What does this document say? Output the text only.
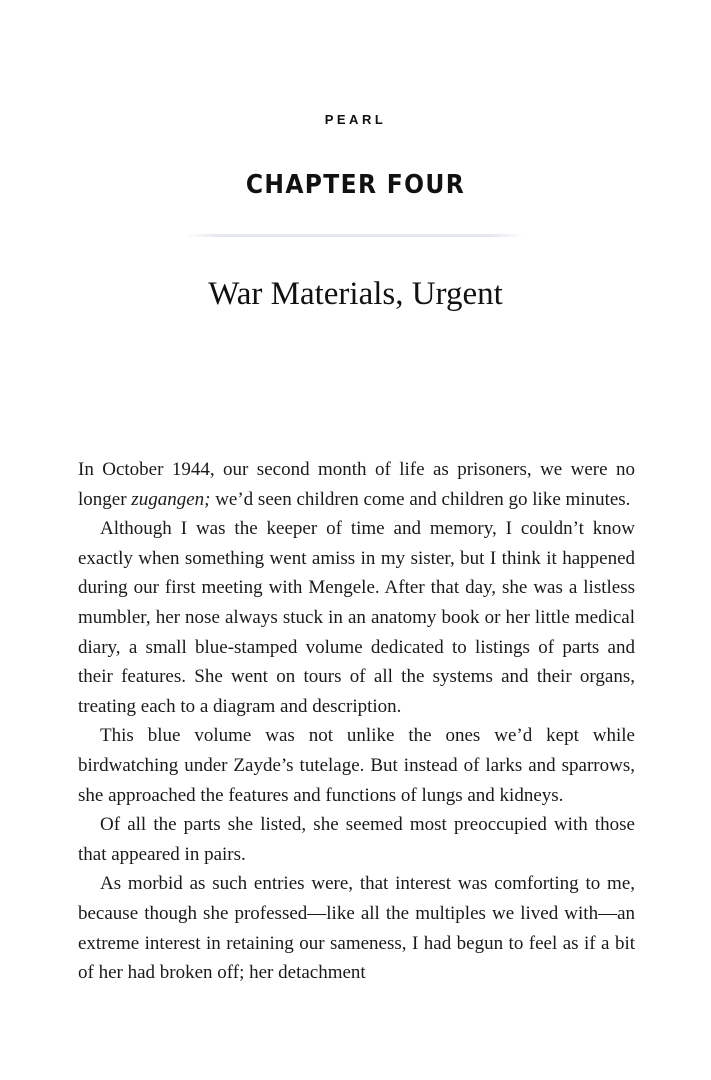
PEARL
CHAPTER FOUR
War Materials, Urgent

In October 1944, our second month of life as prisoners, we were no longer zugangen; we’d seen children come and children go like minutes.

Although I was the keeper of time and memory, I couldn’t know exactly when something went amiss in my sister, but I think it happened during our first meeting with Mengele. After that day, she was a listless mumbler, her nose always stuck in an anatomy book or her little medical diary, a small blue-stamped volume dedicated to listings of parts and their features. She went on tours of all the systems and their organs, treating each to a diagram and description.

This blue volume was not unlike the ones we’d kept while birdwatching under Zayde’s tutelage. But instead of larks and sparrows, she approached the features and functions of lungs and kidneys.

Of all the parts she listed, she seemed most preoccupied with those that appeared in pairs.

As morbid as such entries were, that interest was comforting to me, because though she professed—like all the multiples we lived with—an extreme interest in retaining our sameness, I had begun to feel as if a bit of her had broken off; her detachment
